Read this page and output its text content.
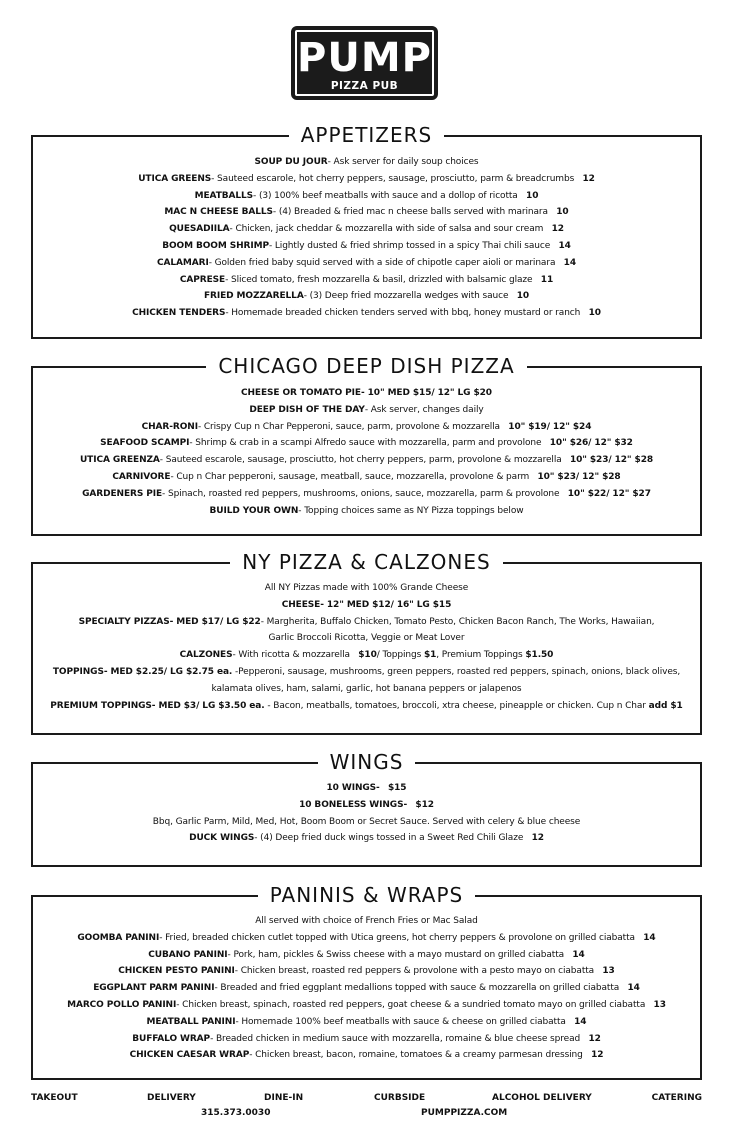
PUMP
PIZZA PUB
APPETIZERS
SOUP DU JOUR- Ask server for daily soup choices
UTICA GREENS- Sauteed escarole, hot cherry peppers, sausage, prosciutto, parm & breadcrumbs 12
MEATBALLS- (3) 100% beef meatballs with sauce and a dollop of ricotta 10
MAC N CHEESE BALLS- (4) Breaded & fried mac n cheese balls served with marinara 10
QUESADIILA- Chicken, jack cheddar & mozzarella with side of salsa and sour cream 12
BOOM BOOM SHRIMP- Lightly dusted & fried shrimp tossed in a spicy Thai chili sauce 14
CALAMARI- Golden fried baby squid served with a side of chipotle caper aioli or marinara 14
CAPRESE- Sliced tomato, fresh mozzarella & basil, drizzled with balsamic glaze 11
FRIED MOZZARELLA- (3) Deep fried mozzarella wedges with sauce 10
CHICKEN TENDERS- Homemade breaded chicken tenders served with bbq, honey mustard or ranch 10
CHICAGO DEEP DISH PIZZA
CHEESE OR TOMATO PIE- 10" MED $15/ 12" LG $20
DEEP DISH OF THE DAY- Ask server, changes daily
CHAR-RONI- Crispy Cup n Char Pepperoni, sauce, parm, provolone & mozzarella 10" $19/ 12" $24
SEAFOOD SCAMPI- Shrimp & crab in a scampi Alfredo sauce with mozzarella, parm and provolone 10" $26/ 12" $32
UTICA GREENZA- Sauteed escarole, sausage, prosciutto, hot cherry peppers, parm, provolone & mozzarella 10" $23/ 12" $28
CARNIVORE- Cup n Char pepperoni, sausage, meatball, sauce, mozzarella, provolone & parm 10" $23/ 12" $28
GARDENERS PIE- Spinach, roasted red peppers, mushrooms, onions, sauce, mozzarella, parm & provolone 10" $22/ 12" $27
BUILD YOUR OWN- Topping choices same as NY Pizza toppings below
NY PIZZA & CALZONES
All NY Pizzas made with 100% Grande Cheese
CHEESE- 12" MED $12/ 16" LG $15
SPECIALTY PIZZAS- MED $17/ LG $22- Margherita, Buffalo Chicken, Tomato Pesto, Chicken Bacon Ranch, The Works, Hawaiian,
Garlic Broccoli Ricotta, Veggie or Meat Lover
CALZONES- With ricotta & mozzarella $10/ Toppings $1, Premium Toppings $1.50
TOPPINGS- MED $2.25/ LG $2.75 ea. -Pepperoni, sausage, mushrooms, green peppers, roasted red peppers, spinach, onions, black olives,
kalamata olives, ham, salami, garlic, hot banana peppers or jalapenos
PREMIUM TOPPINGS- MED $3/ LG $3.50 ea. - Bacon, meatballs, tomatoes, broccoli, xtra cheese, pineapple or chicken. Cup n Char add $1
WINGS
10 WINGS- $15
10 BONELESS WINGS- $12
Bbq, Garlic Parm, Mild, Med, Hot, Boom Boom or Secret Sauce. Served with celery & blue cheese
DUCK WINGS- (4) Deep fried duck wings tossed in a Sweet Red Chili Glaze 12
PANINIS & WRAPS
All served with choice of French Fries or Mac Salad
GOOMBA PANINI- Fried, breaded chicken cutlet topped with Utica greens, hot cherry peppers & provolone on grilled ciabatta 14
CUBANO PANINI- Pork, ham, pickles & Swiss cheese with a mayo mustard on grilled ciabatta 14
CHICKEN PESTO PANINI- Chicken breast, roasted red peppers & provolone with a pesto mayo on ciabatta 13
EGGPLANT PARM PANINI- Breaded and fried eggplant medallions topped with sauce & mozzarella on grilled ciabatta 14
MARCO POLLO PANINI- Chicken breast, spinach, roasted red peppers, goat cheese & a sundried tomato mayo on grilled ciabatta 13
MEATBALL PANINI- Homemade 100% beef meatballs with sauce & cheese on grilled ciabatta 14
BUFFALO WRAP- Breaded chicken in medium sauce with mozzarella, romaine & blue cheese spread 12
CHICKEN CAESAR WRAP- Chicken breast, bacon, romaine, tomatoes & a creamy parmesan dressing 12
TAKEOUT	DELIVERY	DINE-IN	CURBSIDE	ALCOHOL DELIVERY	CATERING
315.373.0030	PUMPPIZZA.COM
